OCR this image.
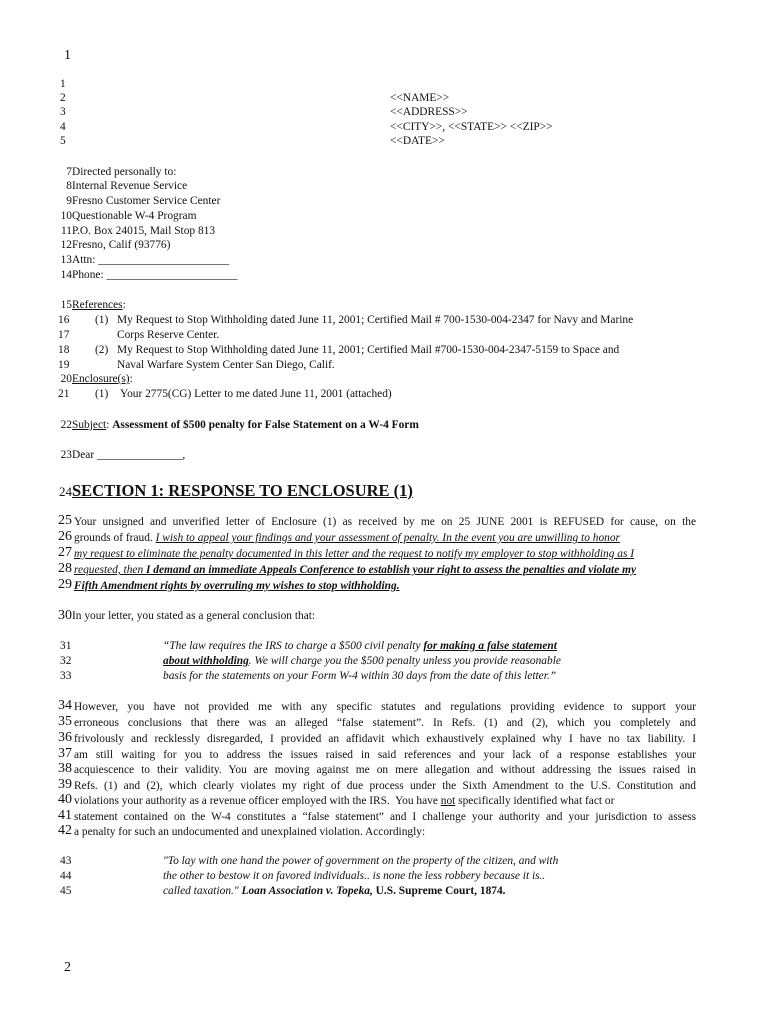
1
2
1
2
3
4
5
<<NAME>>
<<ADDRESS>>
<<CITY>>, <<STATE>> <<ZIP>>
<<DATE>>
7Directed personally to:
8Internal Revenue Service
9Fresno Customer Service Center
10Questionable W-4 Program
11P.O. Box 24015, Mail Stop 813
12Fresno, Calif (93776)
13Attn: _______________________
14Phone: _______________________
15References:
16 (1) My Request to Stop Withholding dated June 11, 2001; Certified Mail # 700-1530-004-2347 for Navy and Marine
17	Corps Reserve Center.
18 (2) My Request to Stop Withholding dated June 11, 2001; Certified Mail #700-1530-004-2347-5159 to Space and
19	Naval Warfare System Center San Diego, Calif.
20Enclosure(s):
21 (1) Your 2775(CG) Letter to me dated June 11, 2001 (attached)
22Subject: Assessment of $500 penalty for False Statement on a W-4 Form
23Dear _______________,
24SECTION 1: RESPONSE TO ENCLOSURE (1)
25
26
27
28
29
Your unsigned and unverified letter of Enclosure (1) as received by me on 25 JUNE 2001 is REFUSED for cause, on the
grounds of fraud. I wish to appeal your findings and your assessment of penalty. In the event you are unwilling to honor
my request to eliminate the penalty documented in this letter and the request to notify my employer to stop withholding as I
requested, then I demand an immediate Appeals Conference to establish your right to assess the penalties and violate my
Fifth Amendment rights by overruling my wishes to stop withholding.
30In your letter, you stated as a general conclusion that:
31
32
33
“The law requires the IRS to charge a $500 civil penalty for making a false statement
about withholding. We will charge you the $500 penalty unless you provide reasonable
basis for the statements on your Form W-4 within 30 days from the date of this letter.”
34
35
36
37
38
39
40
41
42
However, you have not provided me with any specific statutes and regulations providing evidence to support your
erroneous conclusions that there was an alleged “false statement”. In Refs. (1) and (2), which you completely and
frivolously and recklessly disregarded, I provided an affidavit which exhaustively explained why I have no tax liability. I
am still waiting for you to address the issues raised in said references and your lack of a response establishes your
acquiescence to their validity. You are moving against me on mere allegation and without addressing the issues raised in
Refs. (1) and (2), which clearly violates my right of due process under the Sixth Amendment to the U.S. Constitution and
violations your authority as a revenue officer employed with the IRS.  You have not specifically identified what fact or
statement contained on the W-4 constitutes a “false statement” and I challenge your authority and your jurisdiction to assess
a penalty for such an undocumented and unexplained violation. Accordingly:
43
44
45
"To lay with one hand the power of government on the property of the citizen, and with
the other to bestow it on favored individuals.. is none the less robbery because it is..
called taxation." Loan Association v. Topeka, U.S. Supreme Court, 1874.
